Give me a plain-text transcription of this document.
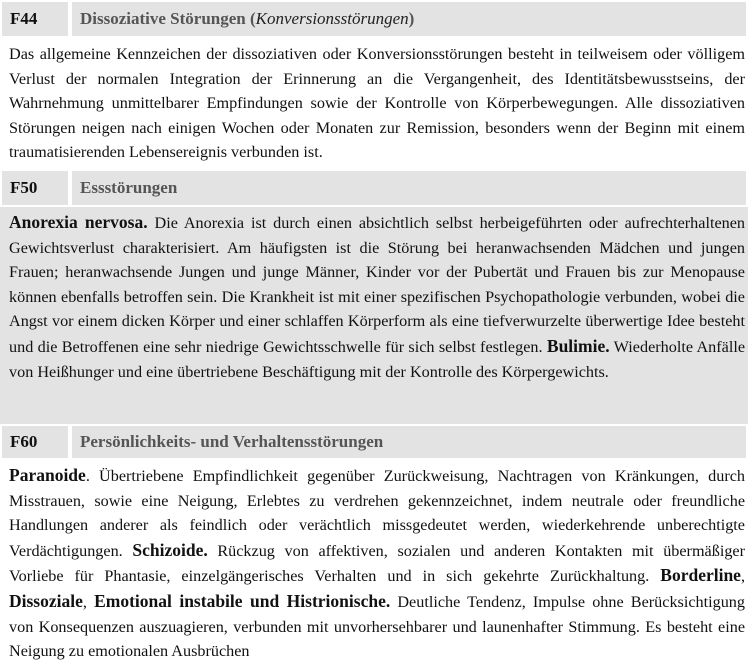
F44	Dissoziative Störungen ( Konversionsstörungen )
Das allgemeine Kennzeichen der dissoziativen oder Konversionsstörungen besteht in teilweisem oder völligem Verlust der normalen Integration der Erinnerung an die Vergangenheit, des Identitätsbewusstseins, der Wahrnehmung unmittelbarer Empfindungen sowie der Kontrolle von Körperbewegungen. Alle dissoziativen Störungen neigen nach einigen Wochen oder Monaten zur Remission, besonders wenn der Beginn mit einem traumatisierenden Lebensereignis verbunden ist.
F50	Essstörungen
Anorexia nervosa. Die Anorexia ist durch einen absichtlich selbst herbeigeführten oder aufrechterhaltenen Gewichtsverlust charakterisiert. Am häufigsten ist die Störung bei heranwachsenden Mädchen und jungen Frauen; heranwachsende Jungen und junge Männer, Kinder vor der Pubertät und Frauen bis zur Menopause können ebenfalls betroffen sein. Die Krankheit ist mit einer spezifischen Psychopathologie verbunden, wobei die Angst vor einem dicken Körper und einer schlaffen Körperform als eine tiefverwurzelte überwertige Idee besteht und die Betroffenen eine sehr niedrige Gewichtsschwelle für sich selbst festlegen. Bulimie. Wiederholte Anfälle von Heißhunger und eine übertriebene Beschäftigung mit der Kontrolle des Körpergewichts.
F60	Persönlichkeits- und Verhaltensstörungen
Paranoide. Übertriebene Empfindlichkeit gegenüber Zurückweisung, Nachtragen von Kränkungen, durch Misstrauen, sowie eine Neigung, Erlebtes zu verdrehen gekennzeichnet, indem neutrale oder freundliche Handlungen anderer als feindlich oder verächtlich missgedeutet werden, wiederkehrende unberechtigte Verdächtigungen. Schizoide. Rückzug von affektiven, sozialen und anderen Kontakten mit übermäßiger Vorliebe für Phantasie, einzelgängerisches Verhalten und in sich gekehrte Zurückhaltung. Borderline, Dissoziale, Emotional instabile und Histrionische. Deutliche Tendenz, Impulse ohne Berücksichtigung von Konsequenzen auszuagieren, verbunden mit unvorhersehbarer und launenhafter Stimmung. Es besteht eine Neigung zu emotionalen Ausbrüchen
